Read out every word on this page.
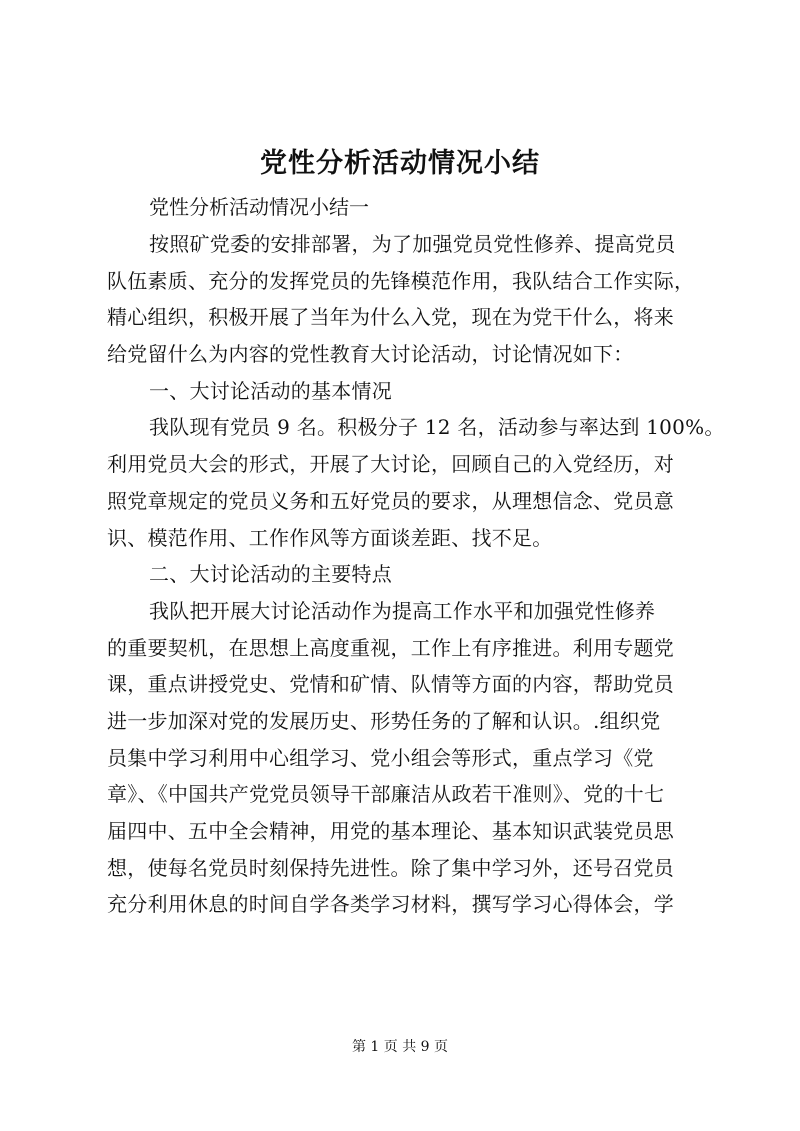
党性分析活动情况小结

党性分析活动情况小结一

按照矿党委的安排部署，为了加强党员党性修养、提高党员
队伍素质、充分的发挥党员的先锋模范作用，我队结合工作实际，
精心组织，积极开展了当年为什么入党，现在为党干什么，将来
给党留什么为内容的党性教育大讨论活动，讨论情况如下：
一、大讨论活动的基本情况
我队现有党员 9 名。积极分子 12 名，活动参与率达到 100%。
利用党员大会的形式，开展了大讨论，回顾自己的入党经历，对
照党章规定的党员义务和五好党员的要求，从理想信念、党员意
识、模范作用、工作作风等方面谈差距、找不足。
二、大讨论活动的主要特点
我队把开展大讨论活动作为提高工作水平和加强党性修养
的重要契机，在思想上高度重视，工作上有序推进。利用专题党
课，重点讲授党史、党情和矿情、队情等方面的内容，帮助党员
进一步加深对党的发展历史、形势任务的了解和认识。.组织党
员集中学习利用中心组学习、党小组会等形式，重点学习《党
章》、《中国共产党党员领导干部廉洁从政若干准则》、党的十七
届四中、五中全会精神，用党的基本理论、基本知识武装党员思
想，使每名党员时刻保持先进性。除了集中学习外，还号召党员
充分利用休息的时间自学各类学习材料，撰写学习心得体会，学
第 1 页 共 9 页
